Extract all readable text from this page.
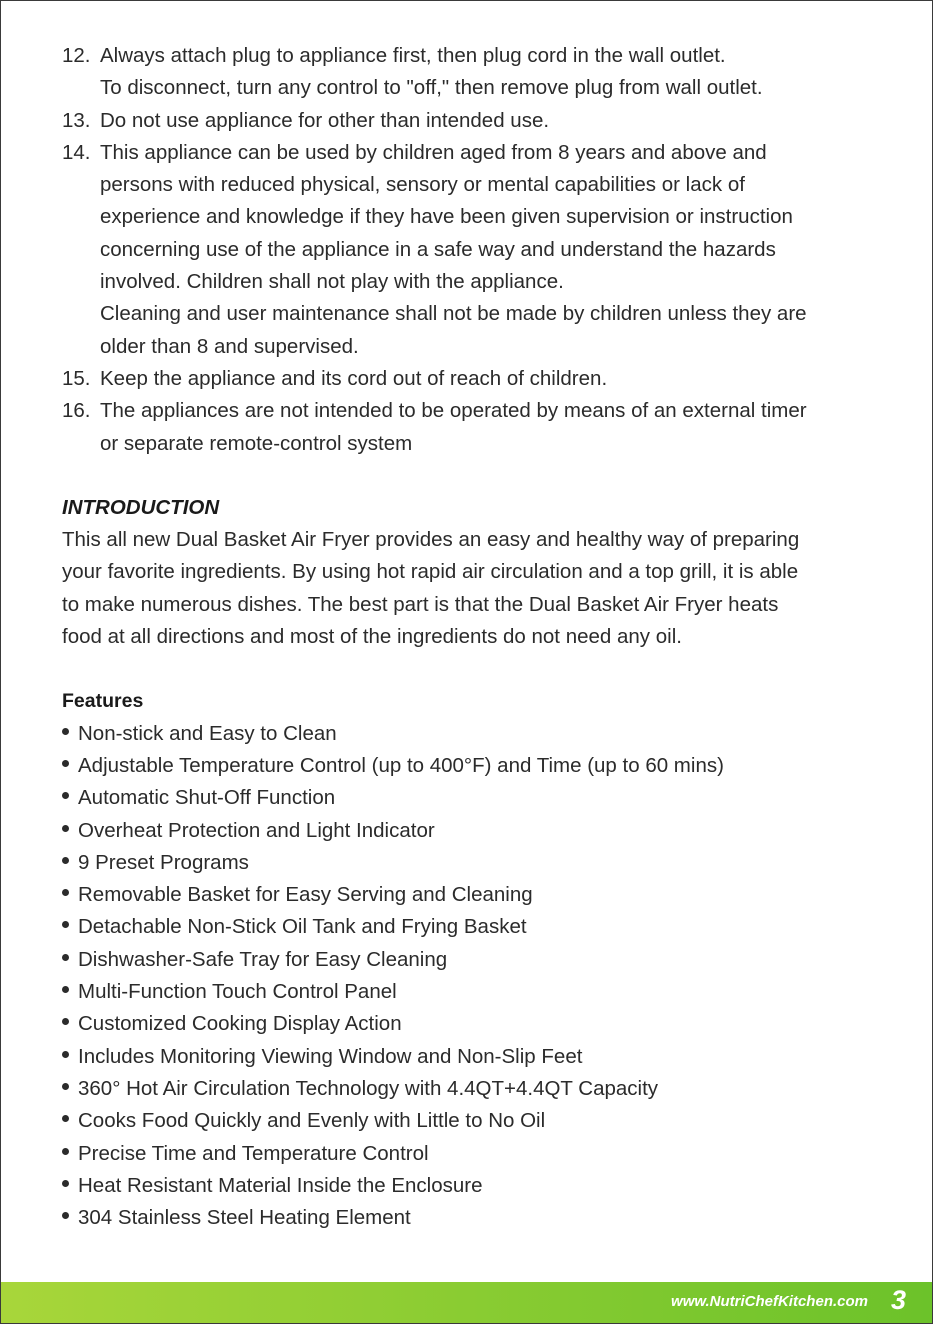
12. Always attach plug to appliance first, then plug cord in the wall outlet.
To disconnect, turn any control to "off," then remove plug from wall outlet.
13. Do not use appliance for other than intended use.
14. This appliance can be used by children aged from 8 years and above and
persons with reduced physical, sensory or mental capabilities or lack of
experience and knowledge if they have been given supervision or instruction
concerning use of the appliance in a safe way and understand the hazards
involved. Children shall not play with the appliance.
Cleaning and user maintenance shall not be made by children unless they are
older than 8 and supervised.
15. Keep the appliance and its cord out of reach of children.
16. The appliances are not intended to be operated by means of an external timer
or separate remote-control system
INTRODUCTION
This all new Dual Basket Air Fryer provides an easy and healthy way of preparing
your favorite ingredients. By using hot rapid air circulation and a top grill, it is able
to make numerous dishes. The best part is that the Dual Basket Air Fryer heats
food at all directions and most of the ingredients do not need any oil.
Features
Non-stick and Easy to Clean
Adjustable Temperature Control (up to 400°F) and Time (up to 60 mins)
Automatic Shut-Off Function
Overheat Protection and Light Indicator
9 Preset Programs
Removable Basket for Easy Serving and Cleaning
Detachable Non-Stick Oil Tank and Frying Basket
Dishwasher-Safe Tray for Easy Cleaning
Multi-Function Touch Control Panel
Customized Cooking Display Action
Includes Monitoring Viewing Window and Non-Slip Feet
360° Hot Air Circulation Technology with 4.4QT+4.4QT Capacity
Cooks Food Quickly and Evenly with Little to No Oil
Precise Time and Temperature Control
Heat Resistant Material Inside the Enclosure
304 Stainless Steel Heating Element
www.NutriChefKitchen.com 3
